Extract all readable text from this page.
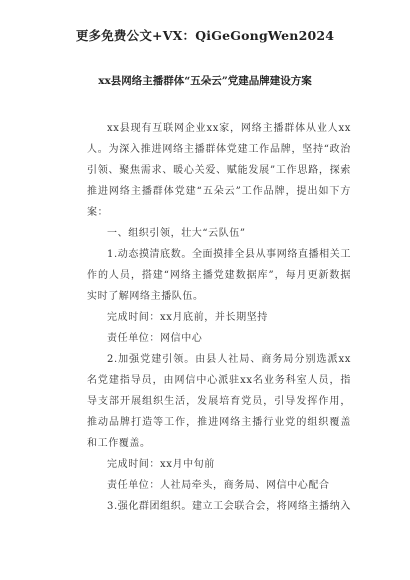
更多免费公文+VX：QiGeGongWen2024
xx县网络主播群体“五朵云”党建品牌建设方案

xx县现有互联网企业xx家，网络主播群体从业人xx人。为深入推进网络主播群体党建工作品牌，坚持“政治引领、聚焦需求、暖心关爱、赋能发展”工作思路，探索推进网络主播群体党建“五朵云”工作品牌，提出如下方案：

一、组织引领，壮大“云队伍”

1.动态摸清底数。全面摸排全县从事网络直播相关工作的人员，搭建“网络主播党建数据库”，每月更新数据实时了解网络主播队伍。

完成时间：xx月底前，并长期坚持

责任单位：网信中心

2.加强党建引领。由县人社局、商务局分别选派xx名党建指导员，由网信中心派驻xx名业务科室人员，指导支部开展组织生活，发展培育党员，引导发挥作用，推动品牌打造等工作，推进网络主播行业党的组织覆盖和工作覆盖。

完成时间：xx月中旬前

责任单位：人社局牵头，商务局、网信中心配合

3.强化群团组织。建立工会联合会，将网络主播纳入
